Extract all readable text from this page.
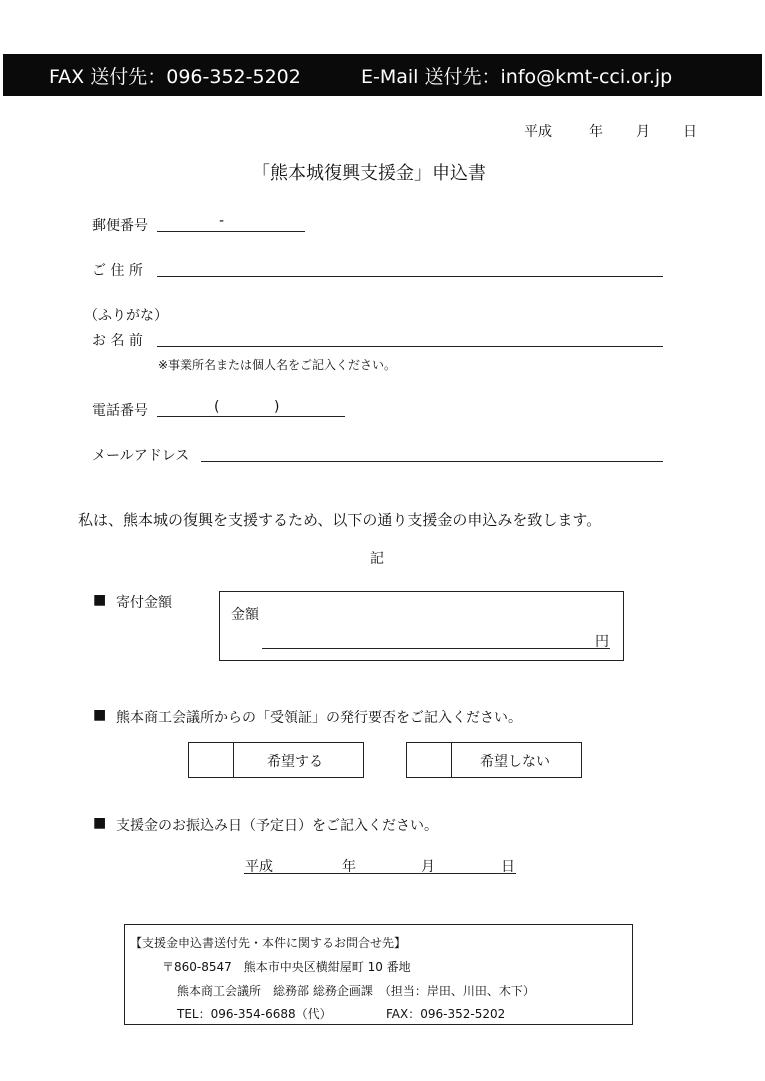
FAX 送付先：096-352-5202	E-Mail 送付先：info@kmt-cci.or.jp
平成	年 月 日
「熊本城復興支援金」申込書
郵便番号	-
ご 住 所
（ふりがな）
お 名 前
※事業所名または個人名をご記入ください。
電話番号	(	)
メールアドレス
私は、熊本城の復興を支援するため、以下の通り支援金の申込みを致します。
記
■ 寄付金額
金額
円
■ 熊本商工会議所からの「受領証」の発行要否をご記入ください。
希望する	希望しない
■ 支援金のお振込み日（予定日）をご記入ください。
平成	年	月	日
【支援金申込書送付先・本件に関するお問合せ先】
〒860-8547　熊本市中央区横紺屋町 10 番地
熊本商工会議所　総務部 総務企画課　（担当：岸田、川田、木下）
TEL：096-354-6688（代）	FAX：096-352-5202
